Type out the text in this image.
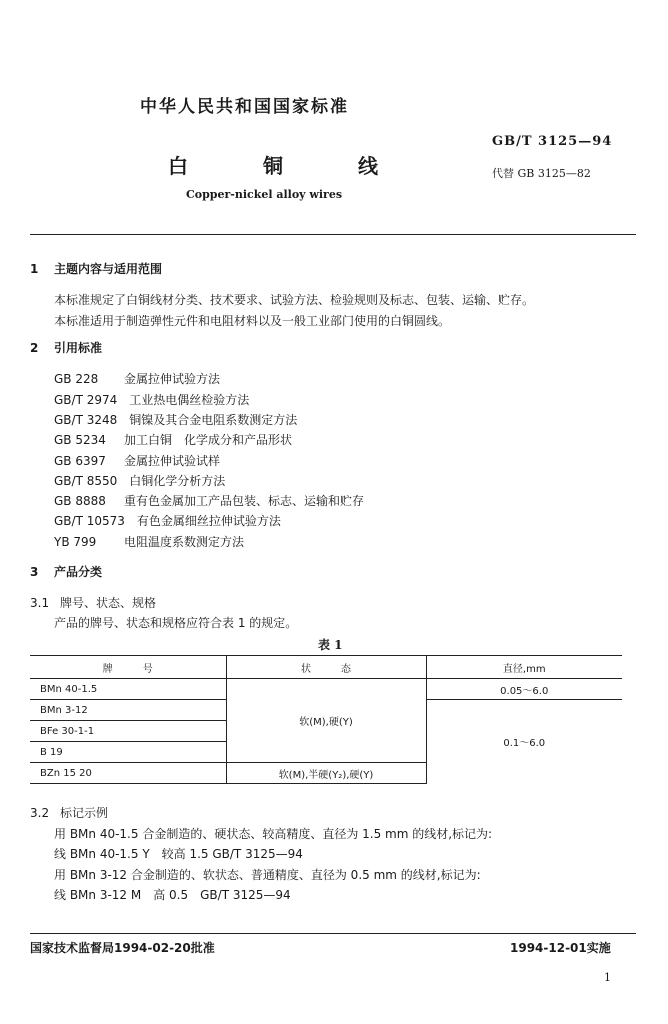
中华人民共和国国家标准
GB/T 3125—94
白	铜	线	代替 GB 3125—82
Copper-nickel alloy wires
1 主题内容与适用范围
本标准规定了白铜线材分类、技术要求、试验方法、检验规则及标志、包装、运输、贮存。
本标准适用于制造弹性元件和电阻材料以及一般工业部门使用的白铜圆线。
2 引用标准
GB 228　 金属拉伸试验方法
GB/T 2974　 工业热电偶丝检验方法
GB/T 3248　 铜镍及其合金电阻系数测定方法
GB 5234　 加工白铜　化学成分和产品形状
GB 6397　 金属拉伸试验试样
GB/T 8550　 白铜化学分析方法
GB 8888　 重有色金属加工产品包装、标志、运输和贮存
GB/T 10573　 有色金属细丝拉伸试验方法
YB 799　 电阻温度系数测定方法
3 产品分类
3.1 牌号、状态、规格
产品的牌号、状态和规格应符合表 1 的规定。
表 1
牌　　　号	状　　　态	直径,mm
BMn 40-1.5	软(M),硬(Y)	0.05～6.0
BMn 3-12		0.1～6.0
BFe 30-1-1		
B 19		
BZn 15 20	软(M),半硬(Y₂),硬(Y)	
3.2 标记示例
用 BMn 40-1.5 合金制造的、硬状态、较高精度、直径为 1.5 mm 的线材,标记为:
线 BMn 40-1.5 Y　较高 1.5 GB/T 3125—94
用 BMn 3-12 合金制造的、软状态、普通精度、直径为 0.5 mm 的线材,标记为:
线 BMn 3-12 M　高 0.5　GB/T 3125—94
国家技术监督局1994-02-20批准	1994-12-01实施
1
